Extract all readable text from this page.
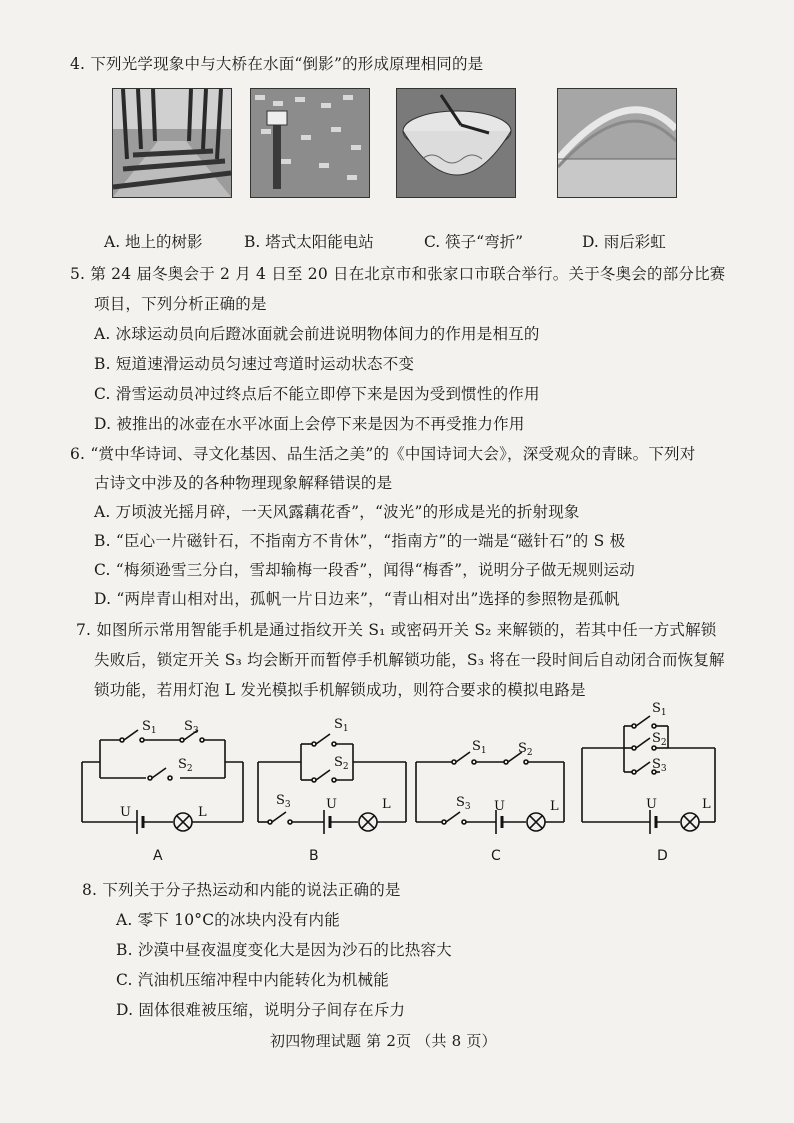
4. 下列光学现象中与大桥在水面“倒影”的形成原理相同的是
A. 地上的树影	B. 塔式太阳能电站	C. 筷子“弯折”	D. 雨后彩虹
5. 第 24 届冬奥会于 2 月 4 日至 20 日在北京市和张家口市联合举行。关于冬奥会的部分比赛
项目，下列分析正确的是
A. 冰球运动员向后蹬冰面就会前进说明物体间力的作用是相互的
B. 短道速滑运动员匀速过弯道时运动状态不变
C. 滑雪运动员冲过终点后不能立即停下来是因为受到惯性的作用
D. 被推出的冰壶在水平冰面上会停下来是因为不再受推力作用
6. “赏中华诗词、寻文化基因、品生活之美”的《中国诗词大会》，深受观众的青睐。下列对
古诗文中涉及的各种物理现象解释错误的是
A. 万顷波光摇月碎，一天风露藕花香”，“波光”的形成是光的折射现象
B. “臣心一片磁针石，不指南方不肯休”，“指南方”的一端是“磁针石”的 S 极
C. “梅须逊雪三分白，雪却输梅一段香”，闻得“梅香”，说明分子做无规则运动
D. “两岸青山相对出，孤帆一片日边来”，“青山相对出”选择的参照物是孤帆
7. 如图所示常用智能手机是通过指纹开关 S₁ 或密码开关 S₂ 来解锁的，若其中任一方式解锁
失败后，锁定开关 S₃ 均会断开而暂停手机解锁功能，S₃ 将在一段时间后自动闭合而恢复解
锁功能，若用灯泡 L 发光模拟手机解锁成功，则符合要求的模拟电路是
$S_1$ $S_3$
$S_2$
U	L
A
$S_1$
$S_2$
$S_3$	U	L
B
$S_1$ $S_2$
$S_3$ U	L
C
$S_1$
$S_2$
$S_3$
U	L
D
8. 下列关于分子热运动和内能的说法正确的是
A. 零下 10°C的冰块内没有内能
B. 沙漠中昼夜温度变化大是因为沙石的比热容大
C. 汽油机压缩冲程中内能转化为机械能
D. 固体很难被压缩，说明分子间存在斥力
初四物理试题 第 2页 （共 8 页）
